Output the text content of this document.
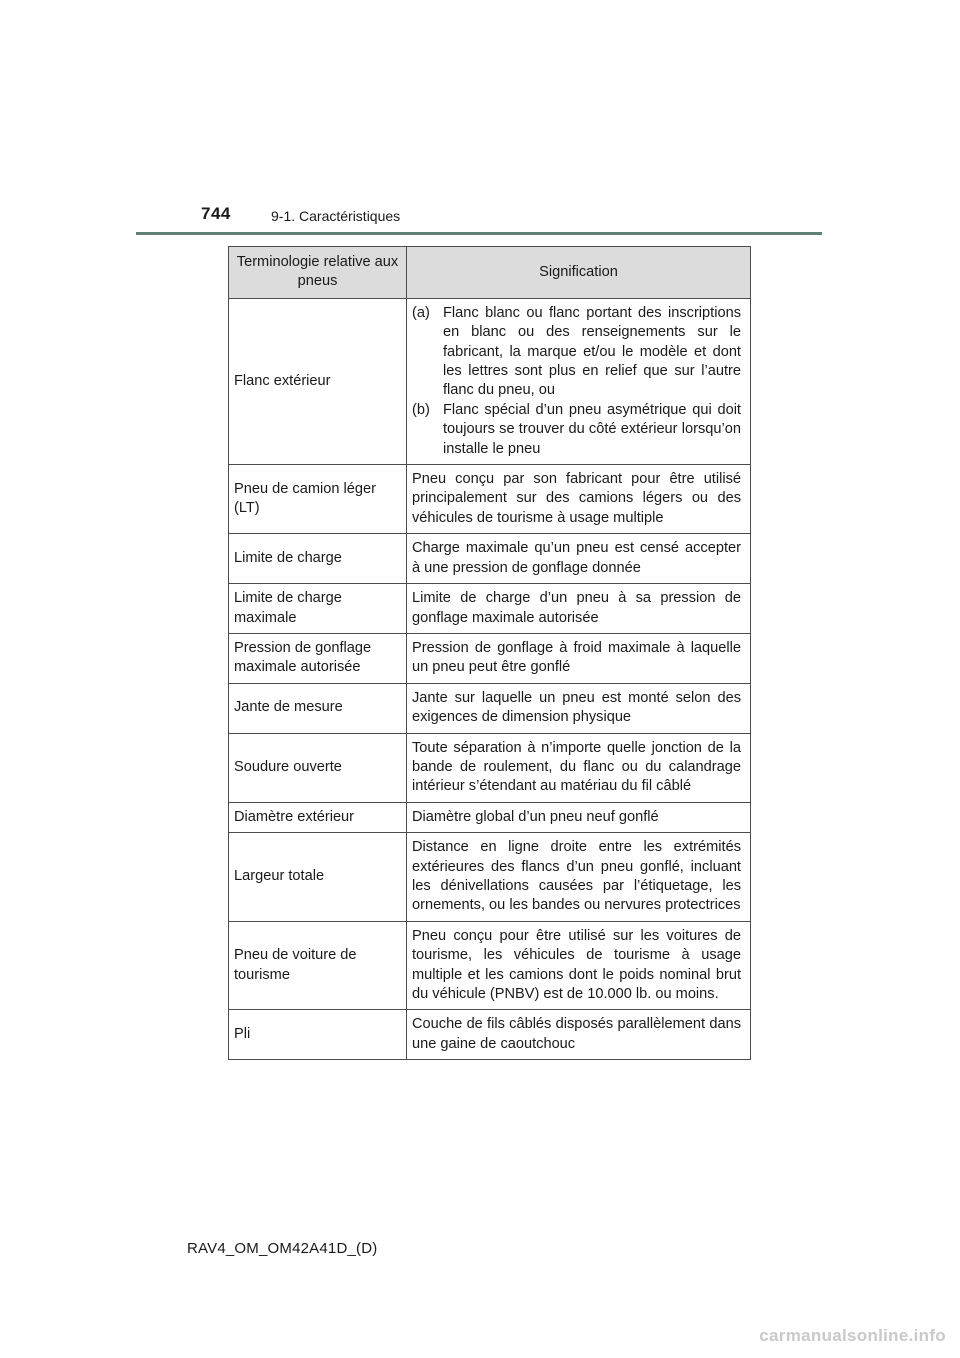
744	9-1. Caractéristiques
Terminologie relative aux pneus	Signification
Flanc extérieur	(a) Flanc blanc ou flanc portant des inscriptions en blanc ou des renseignements sur le fabricant, la marque et/ou le modèle et dont les lettres sont plus en relief que sur l’autre flanc du pneu, ou
(b) Flanc spécial d’un pneu asymétrique qui doit toujours se trouver du côté extérieur lorsqu’on installe le pneu

Pneu de camion léger (LT)	Pneu conçu par son fabricant pour être utilisé principalement sur des camions légers ou des véhicules de tourisme à usage multiple
Limite de charge	Charge maximale qu’un pneu est censé accepter à une pression de gonflage donnée
Limite de charge maximale	Limite de charge d’un pneu à sa pression de gonflage maximale autorisée
Pression de gonflage maximale autorisée	Pression de gonflage à froid maximale à laquelle un pneu peut être gonflé
Jante de mesure	Jante sur laquelle un pneu est monté selon des exigences de dimension physique
Soudure ouverte	Toute séparation à n’importe quelle jonction de la bande de roulement, du flanc ou du calandrage intérieur s’étendant au matériau du fil câblé
Diamètre extérieur	Diamètre global d’un pneu neuf gonflé
Largeur totale	Distance en ligne droite entre les extrémités extérieures des flancs d’un pneu gonflé, incluant les dénivellations causées par l’étiquetage, les ornements, ou les bandes ou nervures protectrices
Pneu de voiture de tourisme	Pneu conçu pour être utilisé sur les voitures de tourisme, les véhicules de tourisme à usage multiple et les camions dont le poids nominal brut du véhicule (PNBV) est de 10.000 lb. ou moins.
Pli	Couche de fils câblés disposés parallèlement dans une gaine de caoutchouc
RAV4_OM_OM42A41D_(D)
carmanualsonline.info
